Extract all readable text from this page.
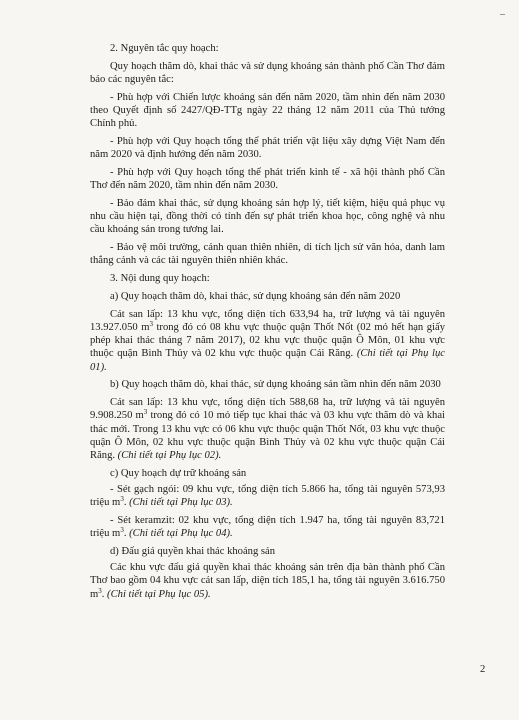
2. Nguyên tắc quy hoạch:

Quy hoạch thăm dò, khai thác và sử dụng khoáng sản thành phố Cần Thơ đảm bảo các nguyên tắc:

- Phù hợp với Chiến lược khoáng sản đến năm 2020, tầm nhìn đến năm 2030 theo Quyết định số 2427/QĐ-TTg ngày 22 tháng 12 năm 2011 của Thủ tướng Chính phủ.

- Phù hợp với Quy hoạch tổng thể phát triển vật liệu xây dựng Việt Nam đến năm 2020 và định hướng đến năm 2030.

- Phù hợp với Quy hoạch tổng thể phát triển kinh tế - xã hội thành phố Cần Thơ đến năm 2020, tầm nhìn đến năm 2030.

- Bảo đảm khai thác, sử dụng khoáng sản hợp lý, tiết kiệm, hiệu quả phục vụ nhu cầu hiện tại, đồng thời có tính đến sự phát triển khoa học, công nghệ và nhu cầu khoáng sản trong tương lai.

- Bảo vệ môi trường, cảnh quan thiên nhiên, di tích lịch sử văn hóa, danh lam thắng cảnh và các tài nguyên thiên nhiên khác.

3. Nội dung quy hoạch:

a) Quy hoạch thăm dò, khai thác, sử dụng khoáng sản đến năm 2020

Cát san lấp: 13 khu vực, tổng diện tích 633,94 ha, trữ lượng và tài nguyên 13.927.050 $m^3$ trong đó có 08 khu vực thuộc quận Thốt Nốt (02 mỏ hết hạn giấy phép khai thác tháng 7 năm 2017), 02 khu vực thuộc quận Ô Môn, 01 khu vực thuộc quận Bình Thủy và 02 khu vực thuộc quận Cái Răng. (Chi tiết tại Phụ lục 01).

b) Quy hoạch thăm dò, khai thác, sử dụng khoáng sản tầm nhìn đến năm 2030

Cát san lấp: 13 khu vực, tổng diện tích 588,68 ha, trữ lượng và tài nguyên 9.908.250 $m^3$ trong đó có 10 mỏ tiếp tục khai thác và 03 khu vực thăm dò và khai thác mới. Trong 13 khu vực có 06 khu vực thuộc quận Thốt Nốt, 03 khu vực thuộc quận Ô Môn, 02 khu vực thuộc quận Bình Thủy và 02 khu vực thuộc quận Cái Răng. (Chi tiết tại Phụ lục 02).

c) Quy hoạch dự trữ khoáng sản

- Sét gạch ngói: 09 khu vực, tổng diện tích 5.866 ha, tổng tài nguyên 573,93 triệu $m^3$. (Chi tiết tại Phụ lục 03).

- Sét keramzit: 02 khu vực, tổng diện tích 1.947 ha, tổng tài nguyên 83,721 triệu $m^3$. (Chi tiết tại Phụ lục 04).

d) Đấu giá quyền khai thác khoáng sản

Các khu vực đấu giá quyền khai thác khoáng sản trên địa bàn thành phố Cần Thơ bao gồm 04 khu vực cát san lấp, diện tích 185,1 ha, tổng tài nguyên 3.616.750 $m^3$. (Chi tiết tại Phụ lục 05).

2
